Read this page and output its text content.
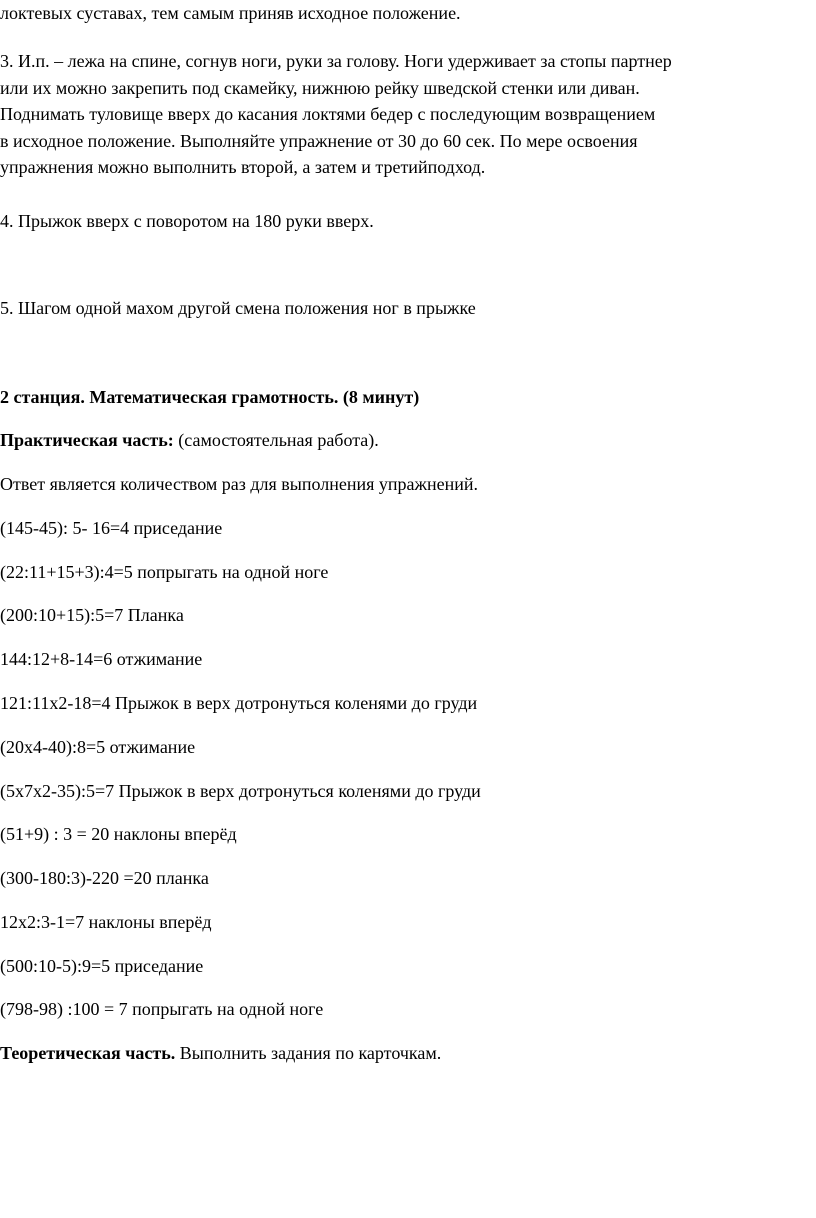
локтевых суставах, тем самым приняв исходное положение.

3. И.п. – лежа на спине, согнув ноги, руки за голову. Ноги удерживает за стопы партнер
или их можно закрепить под скамейку, нижнюю рейку шведской стенки или диван.
Поднимать туловище вверх до касания локтями бедер с последующим возвращением
в исходное положение. Выполняйте упражнение от 30 до 60 сек. По мере освоения
упражнения можно выполнить второй, а затем и третийподход.

4. Прыжок вверх с поворотом на 180 руки вверх.

5. Шагом одной махом другой смена положения ног в прыжке

2 станция. Математическая грамотность. (8 минут)

Практическая часть: (самостоятельная работа).

Ответ является количеством раз для выполнения упражнений.

(145-45): 5- 16=4 приседание

(22:11+15+3):4=5 попрыгать на одной ноге

(200:10+15):5=7 Планка

144:12+8-14=6 отжимание

121:11х2-18=4 Прыжок в верх дотронуться коленями до груди

(20х4-40):8=5 отжимание

(5х7х2-35):5=7 Прыжок в верх дотронуться коленями до груди

(51+9) : 3 = 20 наклоны вперёд

(300-180:3)-220 =20 планка

12х2:3-1=7 наклоны вперёд

(500:10-5):9=5 приседание

(798-98) :100 = 7 попрыгать на одной ноге

Теоретическая часть. Выполнить задания по карточкам.
